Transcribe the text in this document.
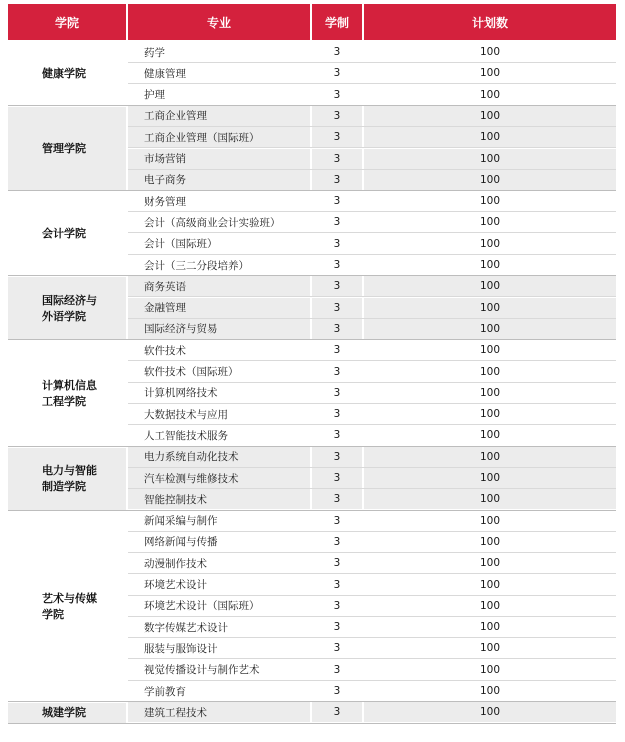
学院	专业	学制	计划数
健康学院
药学	3	100
健康管理	3	100
护理	3	100
管理学院
工商企业管理	3	100
工商企业管理（国际班）	3	100
市场营销	3	100
电子商务	3	100
会计学院
财务管理	3	100
会计（高级商业会计实验班）	3	100
会计（国际班）	3	100
会计（三二分段培养）	3	100
国际经济与外语学院
商务英语	3	100
金融管理	3	100
国际经济与贸易	3	100
计算机信息工程学院
软件技术	3	100
软件技术（国际班）	3	100
计算机网络技术	3	100
大数据技术与应用	3	100
人工智能技术服务	3	100
电力与智能制造学院
电力系统自动化技术	3	100
汽车检测与维修技术	3	100
智能控制技术	3	100
艺术与传媒学院
新闻采编与制作	3	100
网络新闻与传播	3	100
动漫制作技术	3	100
环境艺术设计	3	100
环境艺术设计（国际班）	3	100
数字传媒艺术设计	3	100
服装与服饰设计	3	100
视觉传播设计与制作艺术	3	100
学前教育	3	100
城建学院	建筑工程技术	3	100
